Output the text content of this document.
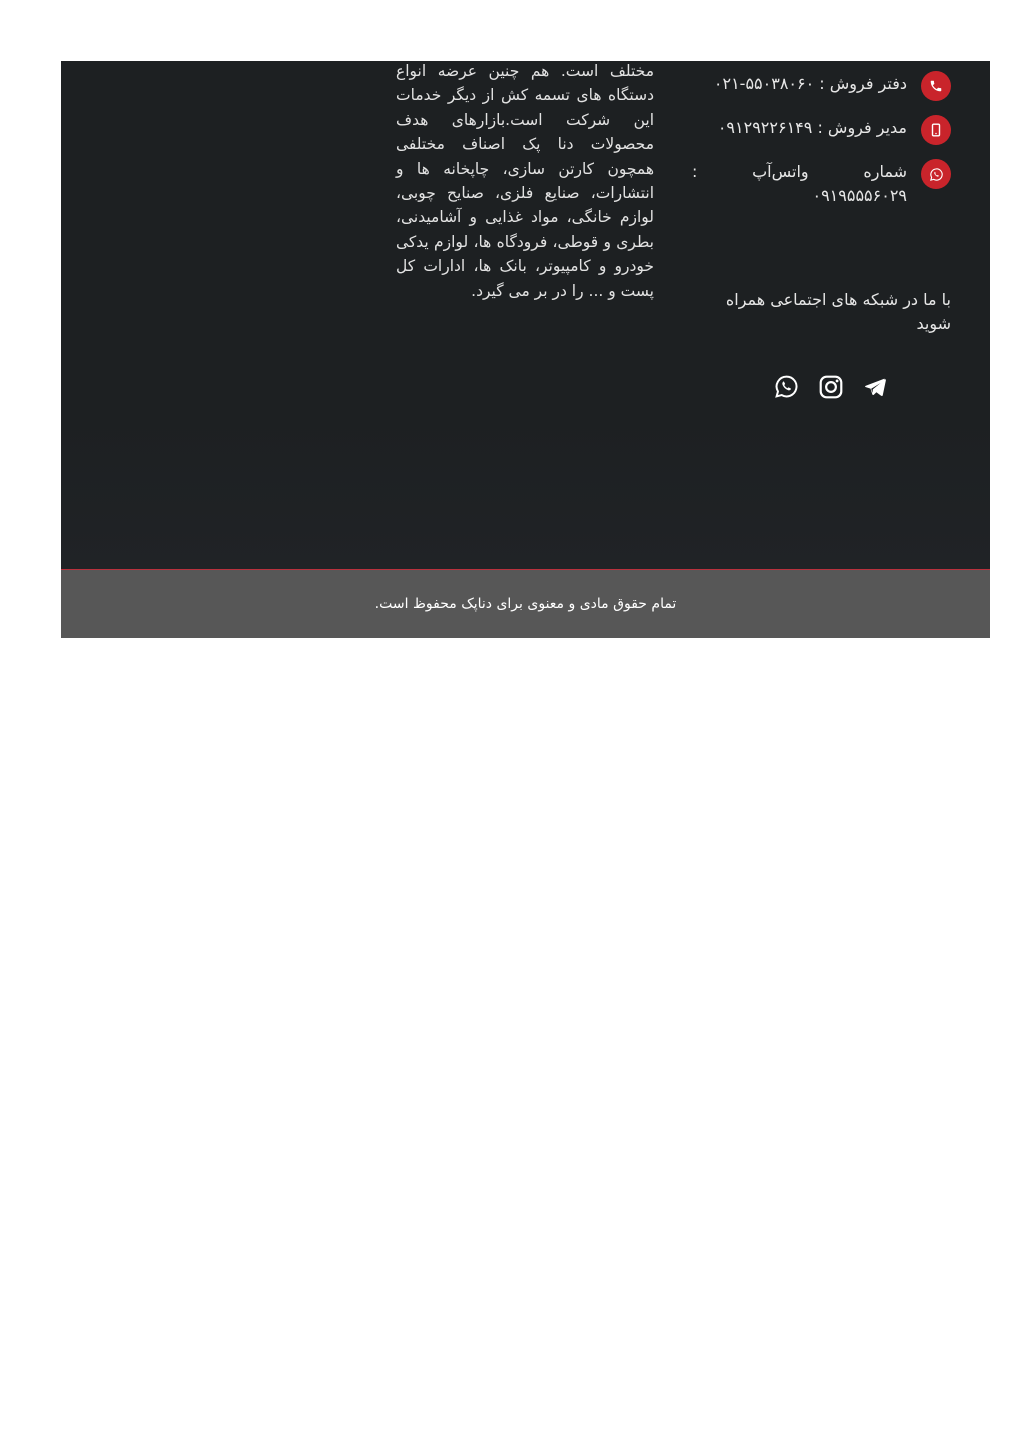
دفتر فروش : ۵۵۰۳۸۰۶۰-۰۲۱
مدیر فروش : ۰۹۱۲۹۲۲۶۱۴۹
شماره واتس‌آپ : ۰۹۱۹۵۵۵۶۰۲۹
با ما در شبکه های اجتماعی همراه شوید
مختلف است. هم چنین عرضه انواع دستگاه های تسمه کش از دیگر خدمات این شرکت است.بازارهای هدف محصولات دنا پک اصناف مختلفی همچون کارتن سازی، چاپخانه ها و انتشارات، صنایع فلزی، صنایح چوبی، لوازم خانگی، مواد غذایی و آشامیدنی، بطری و قوطی، فرودگاه ها، لوازم یدکی خودرو و کامپیوتر، بانک ها، ادارات کل پست و ... را در بر می گیرد.
تمام حقوق مادی و معنوی برای دناپک محفوظ است.
